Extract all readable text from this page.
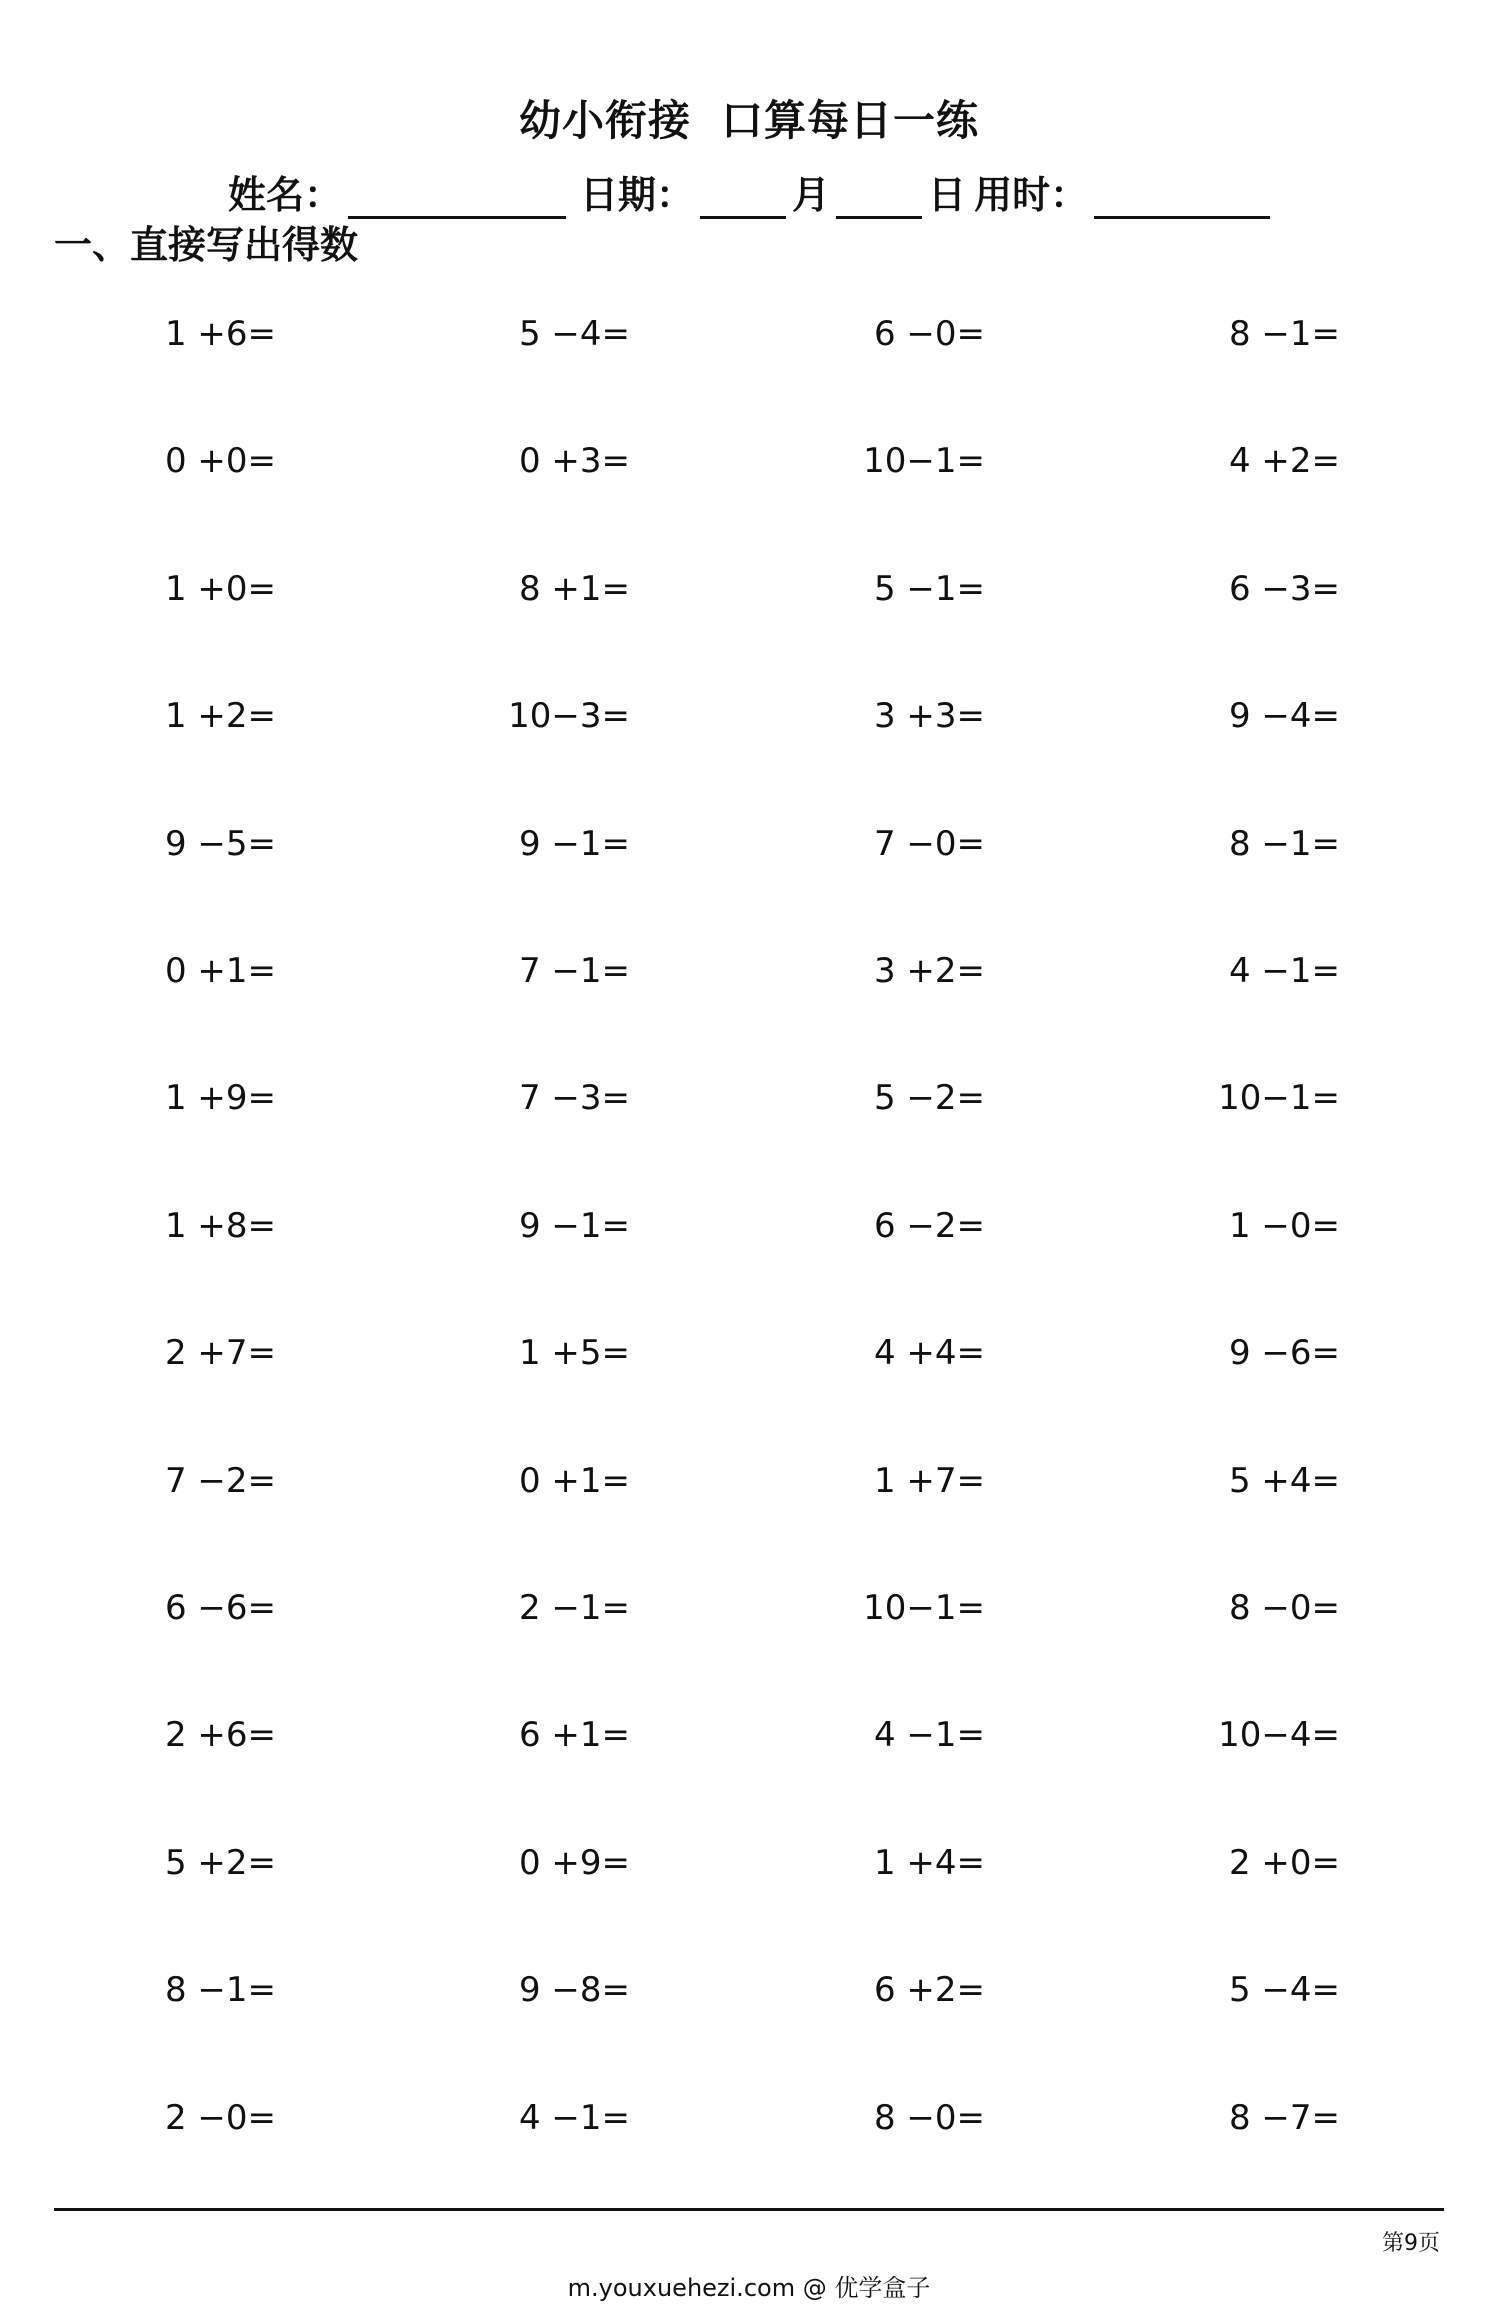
幼小衔接 口算每日一练
姓名：	日期：	月	日 用时：
一、直接写出得数
1 +6=	5 −4=	6 −0=	8 −1=
0 +0=	0 +3=	10−1=	4 +2=
1 +0=	8 +1=	5 −1=	6 −3=
1 +2=	10−3=	3 +3=	9 −4=
9 −5=	9 −1=	7 −0=	8 −1=
0 +1=	7 −1=	3 +2=	4 −1=
1 +9=	7 −3=	5 −2=	10−1=
1 +8=	9 −1=	6 −2=	1 −0=
2 +7=	1 +5=	4 +4=	9 −6=
7 −2=	0 +1=	1 +7=	5 +4=
6 −6=	2 −1=	10−1=	8 −0=
2 +6=	6 +1=	4 −1=	10−4=
5 +2=	0 +9=	1 +4=	2 +0=
8 −1=	9 −8=	6 +2=	5 −4=
2 −0=	4 −1=	8 −0=	8 −7=
第9页
m.youxuehezi.com @ 优学盒子
